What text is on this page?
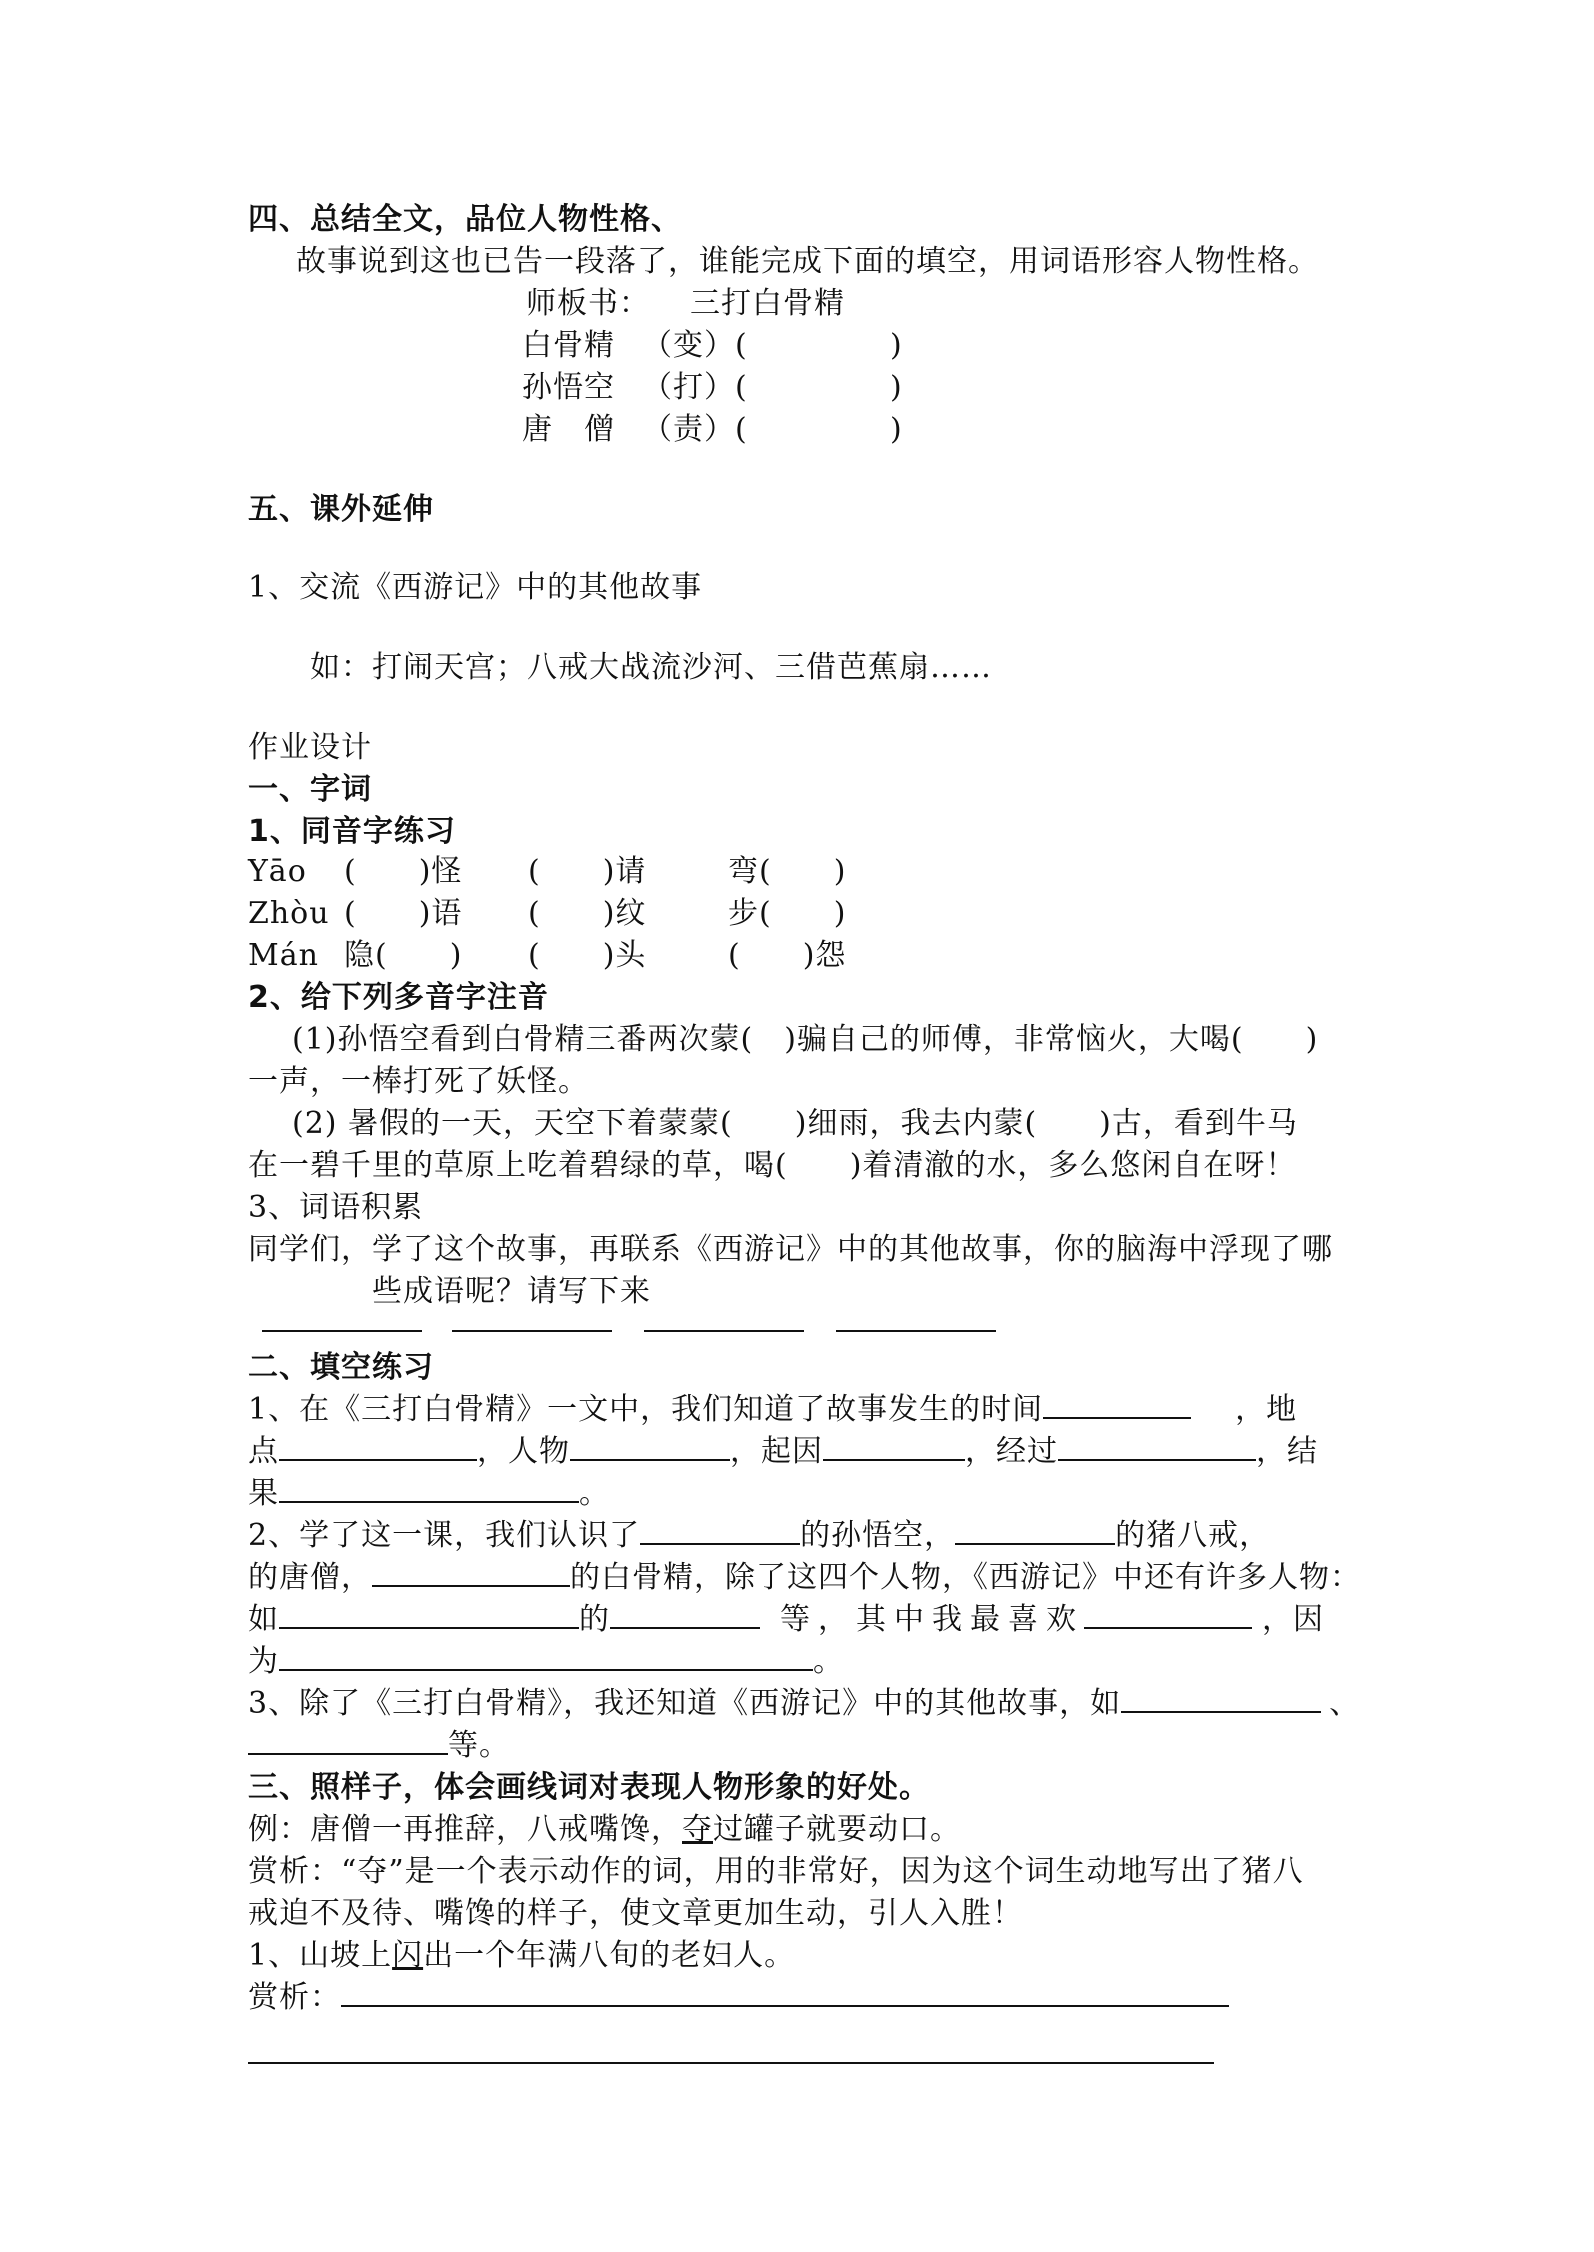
四、总结全文，品位人物性格、
故事说到这也已告一段落了，谁能完成下面的填空，用词语形容人物性格。
师板书： 三打白骨精
白骨精 （变）(	)
孙悟空 （打）(	)
唐　僧 （责）(	)
五、课外延伸
1、交流《西游记》中的其他故事
如：打闹天宫；八戒大战流沙河、三借芭蕉扇……
作业设计
一、字词
1、同音字练习
Yāo (　　)怪 (　　)请	弯(　　)
Zhòu (　　)语 (　　)纹	步(　　)
Mán 隐(　　) (　　)头	(　　)怨
2、给下列多音字注音
(1)孙悟空看到白骨精三番两次蒙(　)骗自己的师傅，非常恼火，大喝(　　)
一声，一棒打死了妖怪。
(2) 暑假的一天，天空下着蒙蒙(　　)细雨，我去内蒙(　　)古，看到牛马
在一碧千里的草原上吃着碧绿的草，喝(　　)着清澈的水，多么悠闲自在呀！
3、词语积累
同学们，学了这个故事，再联系《西游记》中的其他故事，你的脑海中浮现了哪
些成语呢？请写下来
二、填空练习
1、在《三打白骨精》一文中，我们知道了故事发生的时间	，地
点	，人物	，起因	，经过	，结
果	。
2、学了这一课，我们认识了	的孙悟空，	的猪八戒，
的唐僧，	的白骨精，除了这四个人物，《西游记》中还有许多人物：
如	的	等，其中我最喜欢	，因
为	。
3、除了《三打白骨精》，我还知道《西游记》中的其他故事，如	、
等。
三、照样子，体会画线词对表现人物形象的好处。
例：唐僧一再推辞，八戒嘴馋，夺过罐子就要动口。
赏析：“夺”是一个表示动作的词，用的非常好，因为这个词生动地写出了猪八
戒迫不及待、嘴馋的样子，使文章更加生动，引人入胜！
1、山坡上闪出一个年满八旬的老妇人。
赏析：
